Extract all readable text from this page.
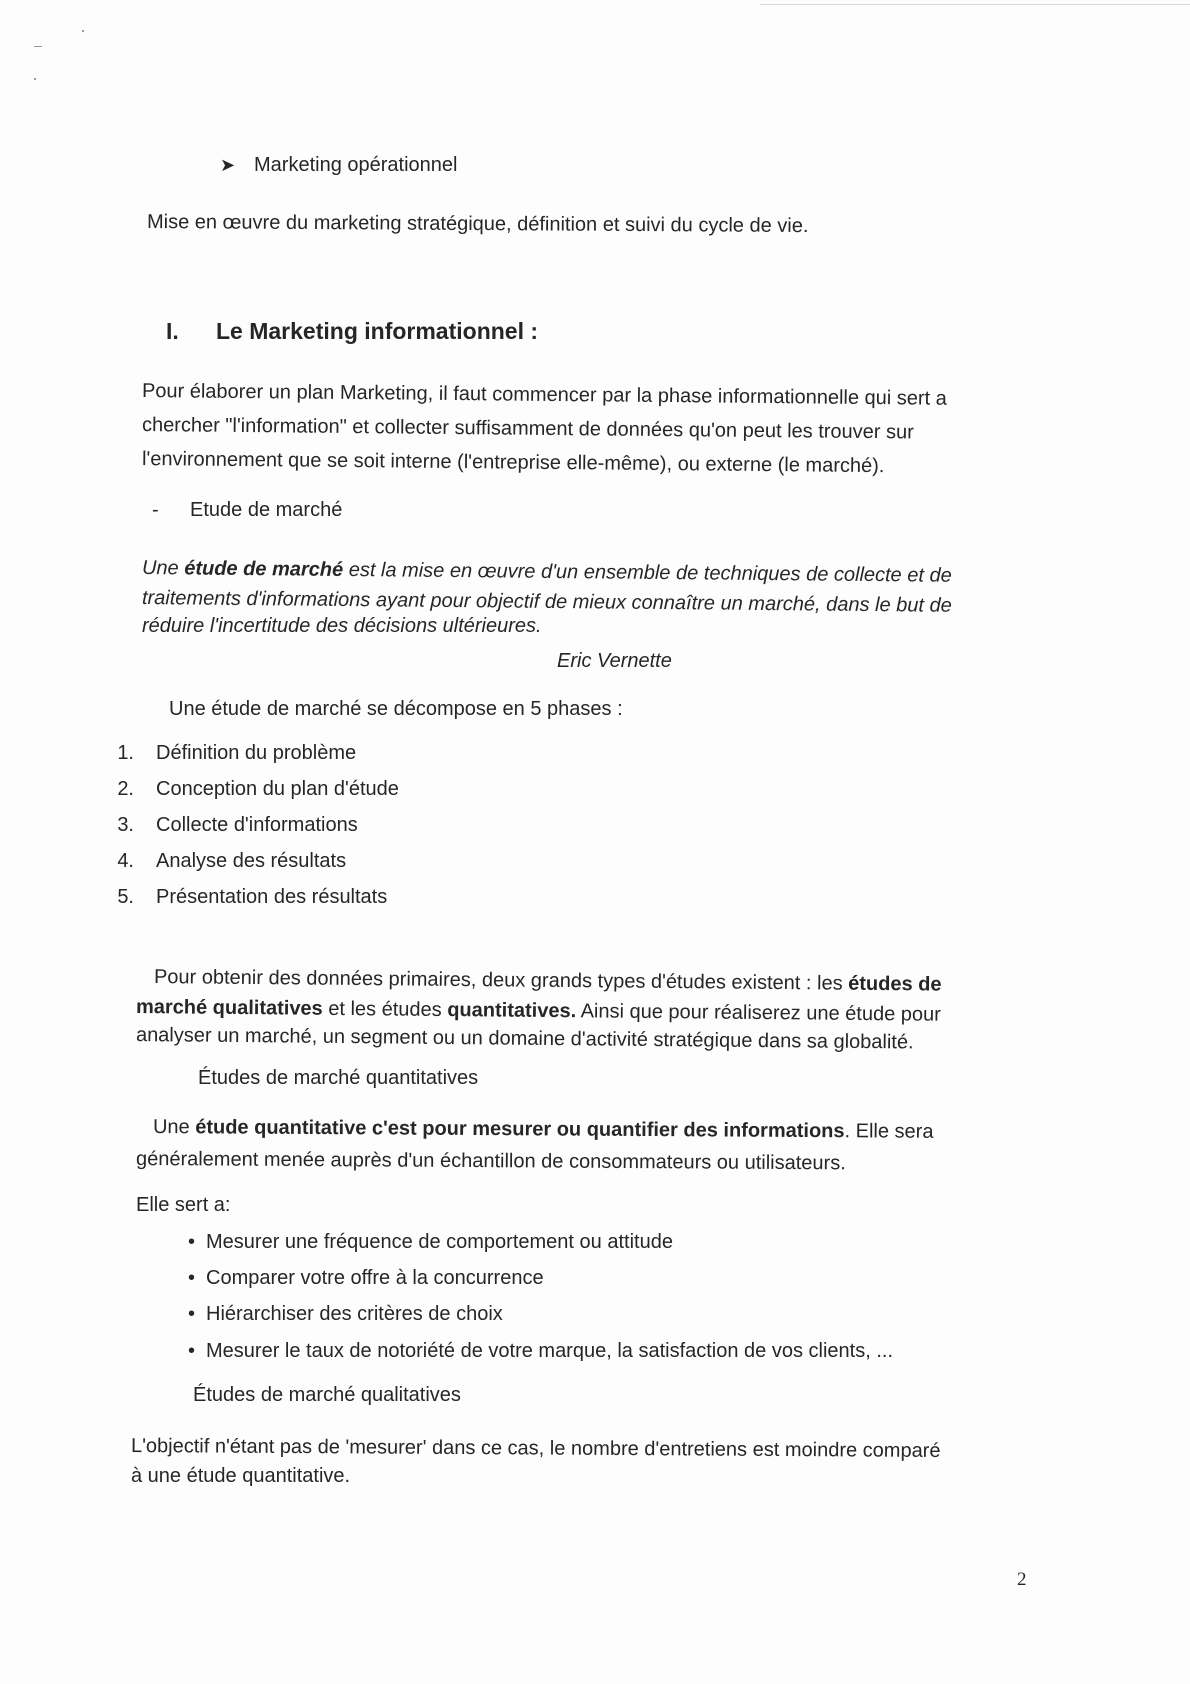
➤ Marketing opérationnel
Mise en œuvre du marketing stratégique, définition et suivi du cycle de vie.
I. Le Marketing informationnel :
Pour élaborer un plan Marketing, il faut commencer par la phase informationnelle qui sert a
chercher "l'information" et collecter suffisamment de données qu'on peut les trouver sur
l'environnement que se soit interne (l'entreprise elle-même), ou externe (le marché).
- Etude de marché
Une étude de marché est la mise en œuvre d'un ensemble de techniques de collecte et de
traitements d'informations ayant pour objectif de mieux connaître un marché, dans le but de
réduire l'incertitude des décisions ultérieures.
Eric Vernette
Une étude de marché se décompose en 5 phases :
1. Définition du problème
2. Conception du plan d'étude
3. Collecte d'informations
4. Analyse des résultats
5. Présentation des résultats
Pour obtenir des données primaires, deux grands types d'études existent : les études de
marché qualitatives et les études quantitatives. Ainsi que pour réaliserez une étude pour
analyser un marché, un segment ou un domaine d'activité stratégique dans sa globalité.
Études de marché quantitatives
Une étude quantitative c'est pour mesurer ou quantifier des informations. Elle sera
généralement menée auprès d'un échantillon de consommateurs ou utilisateurs.
Elle sert a:
• Mesurer une fréquence de comportement ou attitude
• Comparer votre offre à la concurrence
• Hiérarchiser des critères de choix
• Mesurer le taux de notoriété de votre marque, la satisfaction de vos clients, ...
Études de marché qualitatives
L'objectif n'étant pas de 'mesurer' dans ce cas, le nombre d'entretiens est moindre comparé
à une étude quantitative.
2
